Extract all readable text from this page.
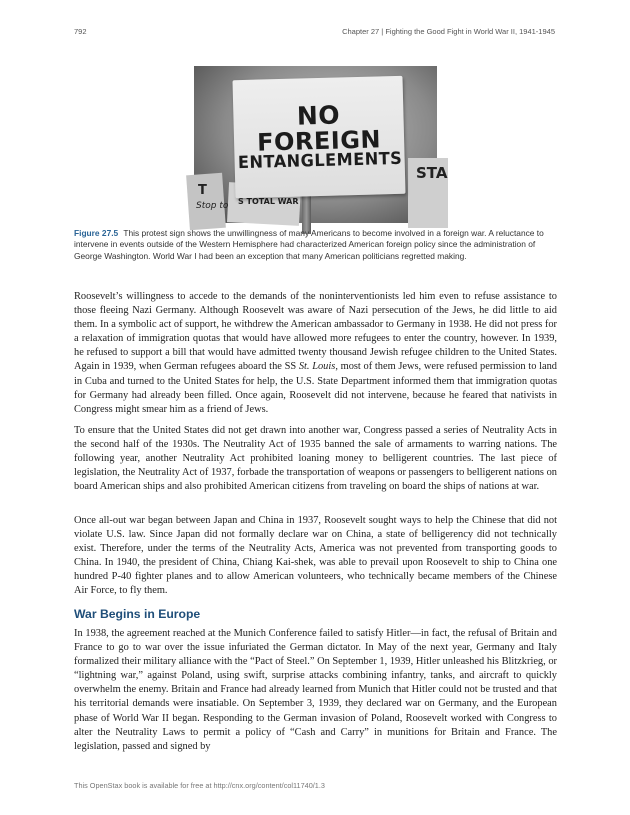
792	Chapter 27 | Fighting the Good Fight in World War II, 1941-1945
S TOTAL WAR
T
STA
Stop to
NO
FOREIGN
ENTANGLEMENTS

Figure 27.5 This protest sign shows the unwillingness of many Americans to become involved in a foreign war. A reluctance to intervene in events outside of the Western Hemisphere had characterized American foreign policy since the administration of George Washington. World War I had been an exception that many American politicians regretted making.

Roosevelt’s willingness to accede to the demands of the noninterventionists led him even to refuse assistance to those fleeing Nazi Germany. Although Roosevelt was aware of Nazi persecution of the Jews, he did little to aid them. In a symbolic act of support, he withdrew the American ambassador to Germany in 1938. He did not press for a relaxation of immigration quotas that would have allowed more refugees to enter the country, however. In 1939, he refused to support a bill that would have admitted twenty thousand Jewish refugee children to the United States. Again in 1939, when German refugees aboard the SS St. Louis, most of them Jews, were refused permission to land in Cuba and turned to the United States for help, the U.S. State Department informed them that immigration quotas for Germany had already been filled. Once again, Roosevelt did not intervene, because he feared that nativists in Congress might smear him as a friend of Jews.

To ensure that the United States did not get drawn into another war, Congress passed a series of Neutrality Acts in the second half of the 1930s. The Neutrality Act of 1935 banned the sale of armaments to warring nations. The following year, another Neutrality Act prohibited loaning money to belligerent countries. The last piece of legislation, the Neutrality Act of 1937, forbade the transportation of weapons or passengers to belligerent nations on board American ships and also prohibited American citizens from traveling on board the ships of nations at war.

Once all-out war began between Japan and China in 1937, Roosevelt sought ways to help the Chinese that did not violate U.S. law. Since Japan did not formally declare war on China, a state of belligerency did not technically exist. Therefore, under the terms of the Neutrality Acts, America was not prevented from transporting goods to China. In 1940, the president of China, Chiang Kai-shek, was able to prevail upon Roosevelt to ship to China one hundred P-40 fighter planes and to allow American volunteers, who technically became members of the Chinese Air Force, to fly them.

War Begins in Europe

In 1938, the agreement reached at the Munich Conference failed to satisfy Hitler—in fact, the refusal of Britain and France to go to war over the issue infuriated the German dictator. In May of the next year, Germany and Italy formalized their military alliance with the “Pact of Steel.” On September 1, 1939, Hitler unleashed his Blitzkrieg, or “lightning war,” against Poland, using swift, surprise attacks combining infantry, tanks, and aircraft to quickly overwhelm the enemy. Britain and France had already learned from Munich that Hitler could not be trusted and that his territorial demands were insatiable. On September 3, 1939, they declared war on Germany, and the European phase of World War II began. Responding to the German invasion of Poland, Roosevelt worked with Congress to alter the Neutrality Laws to permit a policy of “Cash and Carry” in munitions for Britain and France. The legislation, passed and signed by

This OpenStax book is available for free at http://cnx.org/content/col11740/1.3
